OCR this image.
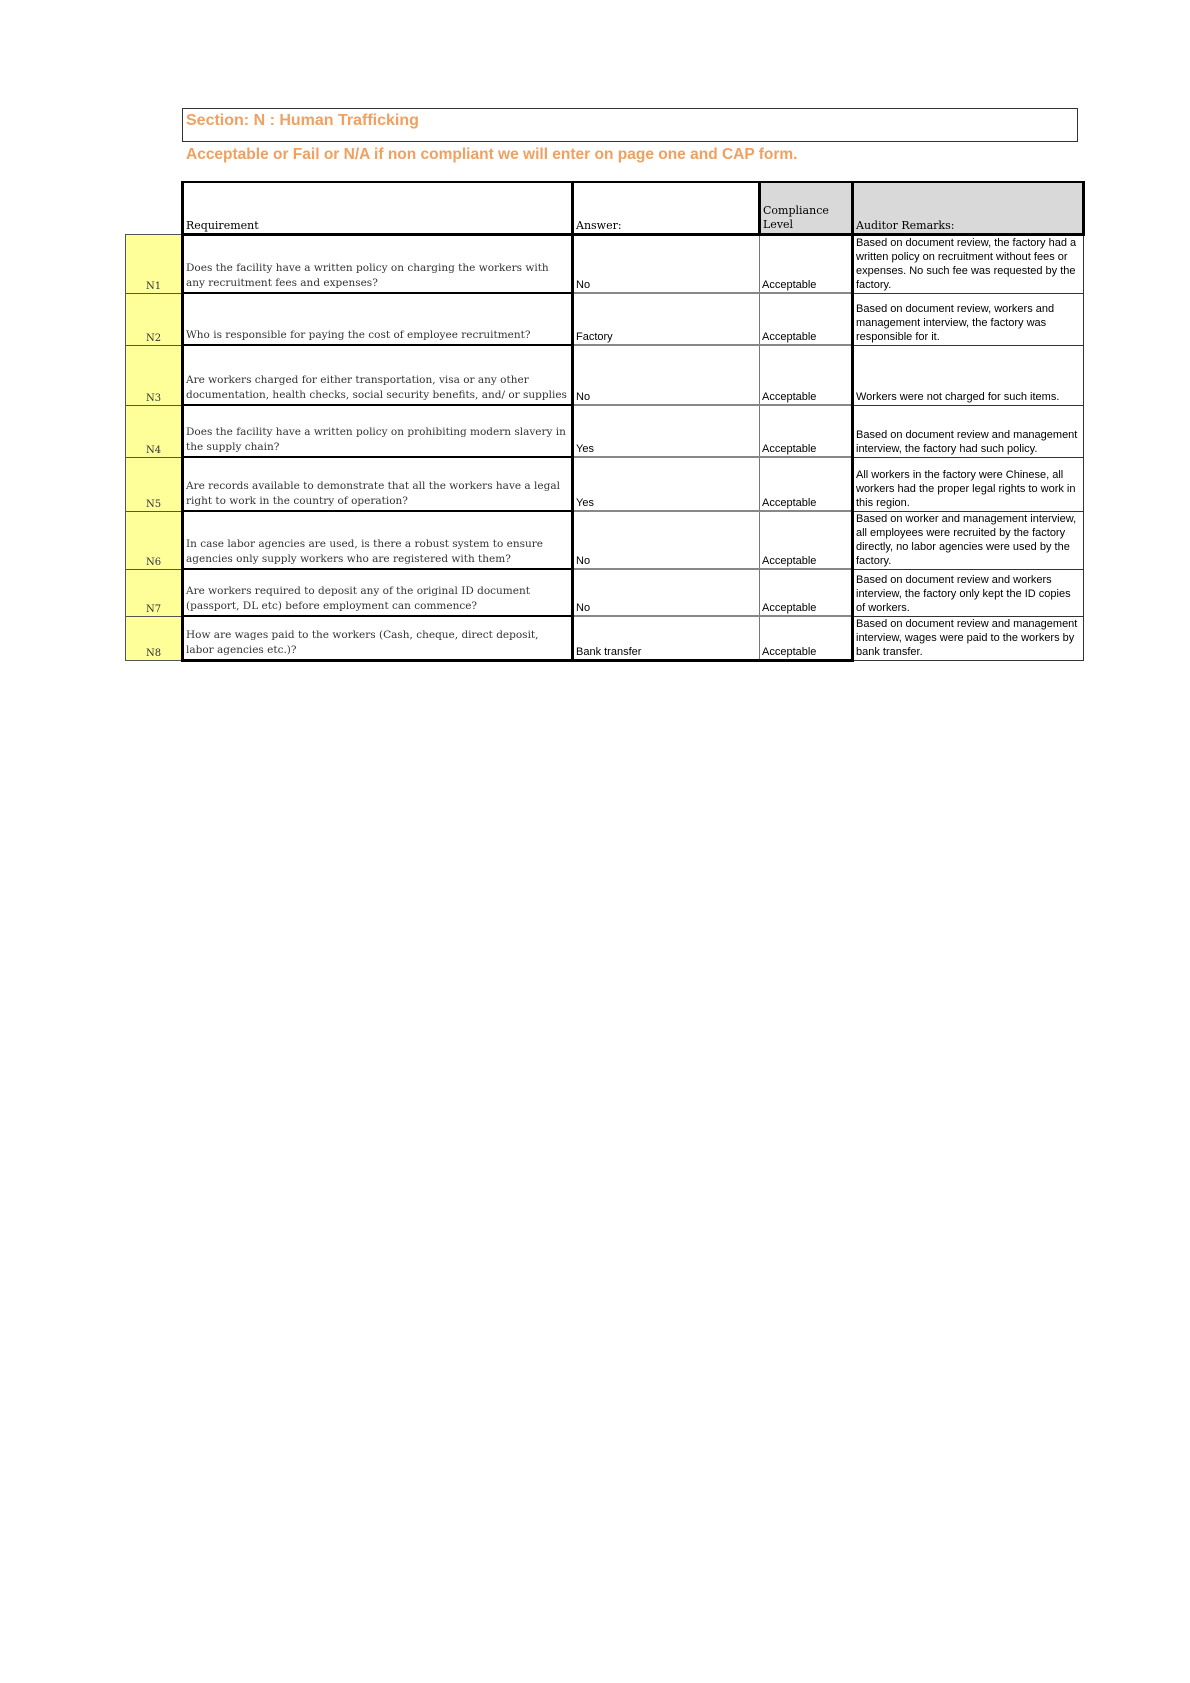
Section: N : Human Trafficking
Acceptable or Fail or N/A if non compliant we will enter on page one and CAP form.
	Requirement	Answer:	Compliance Level	Auditor Remarks:
N1	Does the facility have a written policy on charging the workers with any recruitment fees and expenses?	No	Acceptable	Based on document review, the factory had a written policy on recruitment without fees or expenses. No such fee was requested by the factory.
N2	Who is responsible for paying the cost of employee recruitment?	Factory	Acceptable	Based on document review, workers and management interview, the factory was responsible for it.
N3	Are workers charged for either transportation, visa or any other documentation, health checks, social security benefits, and/ or supplies	No	Acceptable	Workers were not charged for such items.
N4	Does the facility have a written policy on prohibiting modern slavery in the supply chain?	Yes	Acceptable	Based on document review and management interview, the factory had such policy.
N5	Are records available to demonstrate that all the workers have a legal right to work in the country of operation?	Yes	Acceptable	All workers in the factory were Chinese, all workers had the proper legal rights to work in this region.
N6	In case labor agencies are used, is there a robust system to ensure agencies only supply workers who are registered with them?	No	Acceptable	Based on worker and management interview, all employees were recruited by the factory directly, no labor agencies were used by the factory.
N7	Are workers required to deposit any of the original ID document (passport, DL etc) before employment can commence?	No	Acceptable	Based on document review and workers interview, the factory only kept the ID copies of workers.
N8	How are wages paid to the workers (Cash, cheque, direct deposit, labor agencies etc.)?	Bank transfer	Acceptable	Based on document review and management interview, wages were paid to the workers by bank transfer.
